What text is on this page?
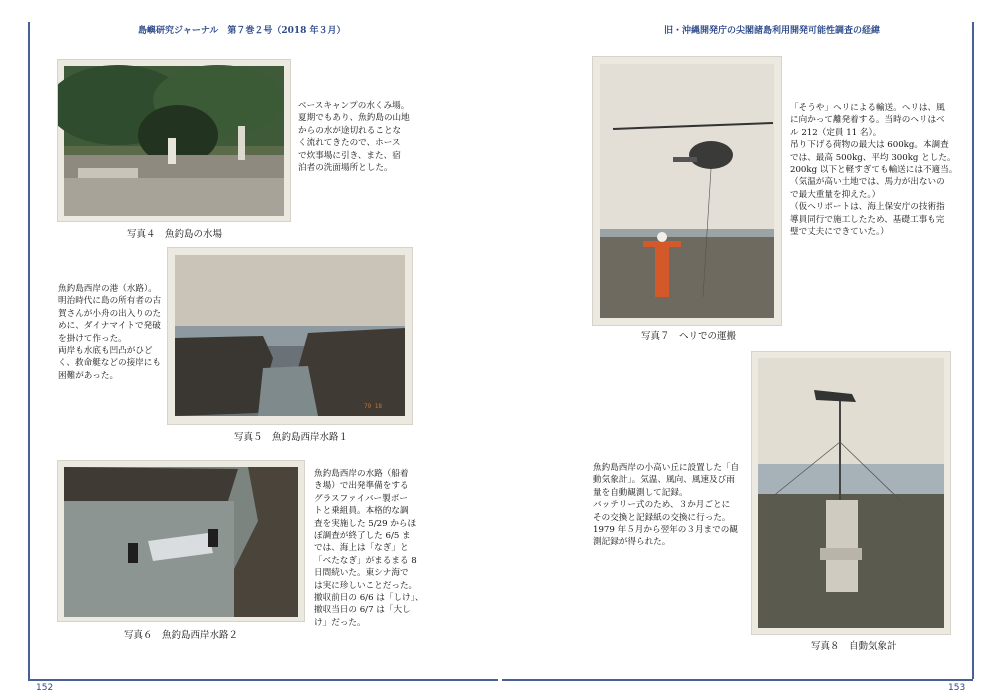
島嶼研究ジャーナル　第７巻２号（2018 年３月）	旧・沖縄開発庁の尖閣諸島利用開発可能性調査の経緯
152	153
写真４　魚釣島の水場
ベースキャンプの水くみ場。
夏期でもあり、魚釣島の山地
からの水が途切れることな
く流れてきたので、ホース
で炊事場に引き、また、宿
泊者の洗面場所とした。
魚釣島西岸の港（水路）。
明治時代に島の所有者の古
賀さんが小舟の出入りのた
めに、ダイナマイトで発破
を掛けて作った。
両岸も水底も凹凸がひど
く、救命艇などの接岸にも
困難があった。
79 18
写真５　魚釣島西岸水路１
写真６　魚釣島西岸水路２
魚釣島西岸の水路（船着
き場）で出発準備をする
グラスファイバー製ボー
トと乗組員。本格的な調
査を実施した 5/29 からほ
ぼ調査が終了した 6/5 ま
では、海上は「なぎ」と
「べたなぎ」がまるまる 8
日間続いた。東シナ海で
は実に珍しいことだった。
撤収前日の 6/6 は「しけ」、
撤収当日の 6/7 は「大し
け」だった。
写真７　ヘリでの運搬
「そうや」ヘリによる輸送。ヘリは、風
に向かって離発着する。当時のヘリはベ
ル 212（定員 11 名）。
吊り下げる荷物の最大は 600kg。本調査
では、最高 500kg、平均 300kg とした。
200kg 以下と軽すぎても輸送には不適当。
（気温が高い土地では、馬力が出ないの
で最大重量を抑えた。）
（仮ヘリポートは、海上保安庁の技術指
導員同行で施工したため、基礎工事も完
璧で丈夫にできていた。）
魚釣島西岸の小高い丘に設置した「自
動気象計」。気温、風向、風速及び雨
量を自動観測して記録。
バッテリー式のため、３か月ごとに
その交換と記録紙の交換に行った。
1979 年５月から翌年の３月までの観
測記録が得られた。
写真８　自動気象計
